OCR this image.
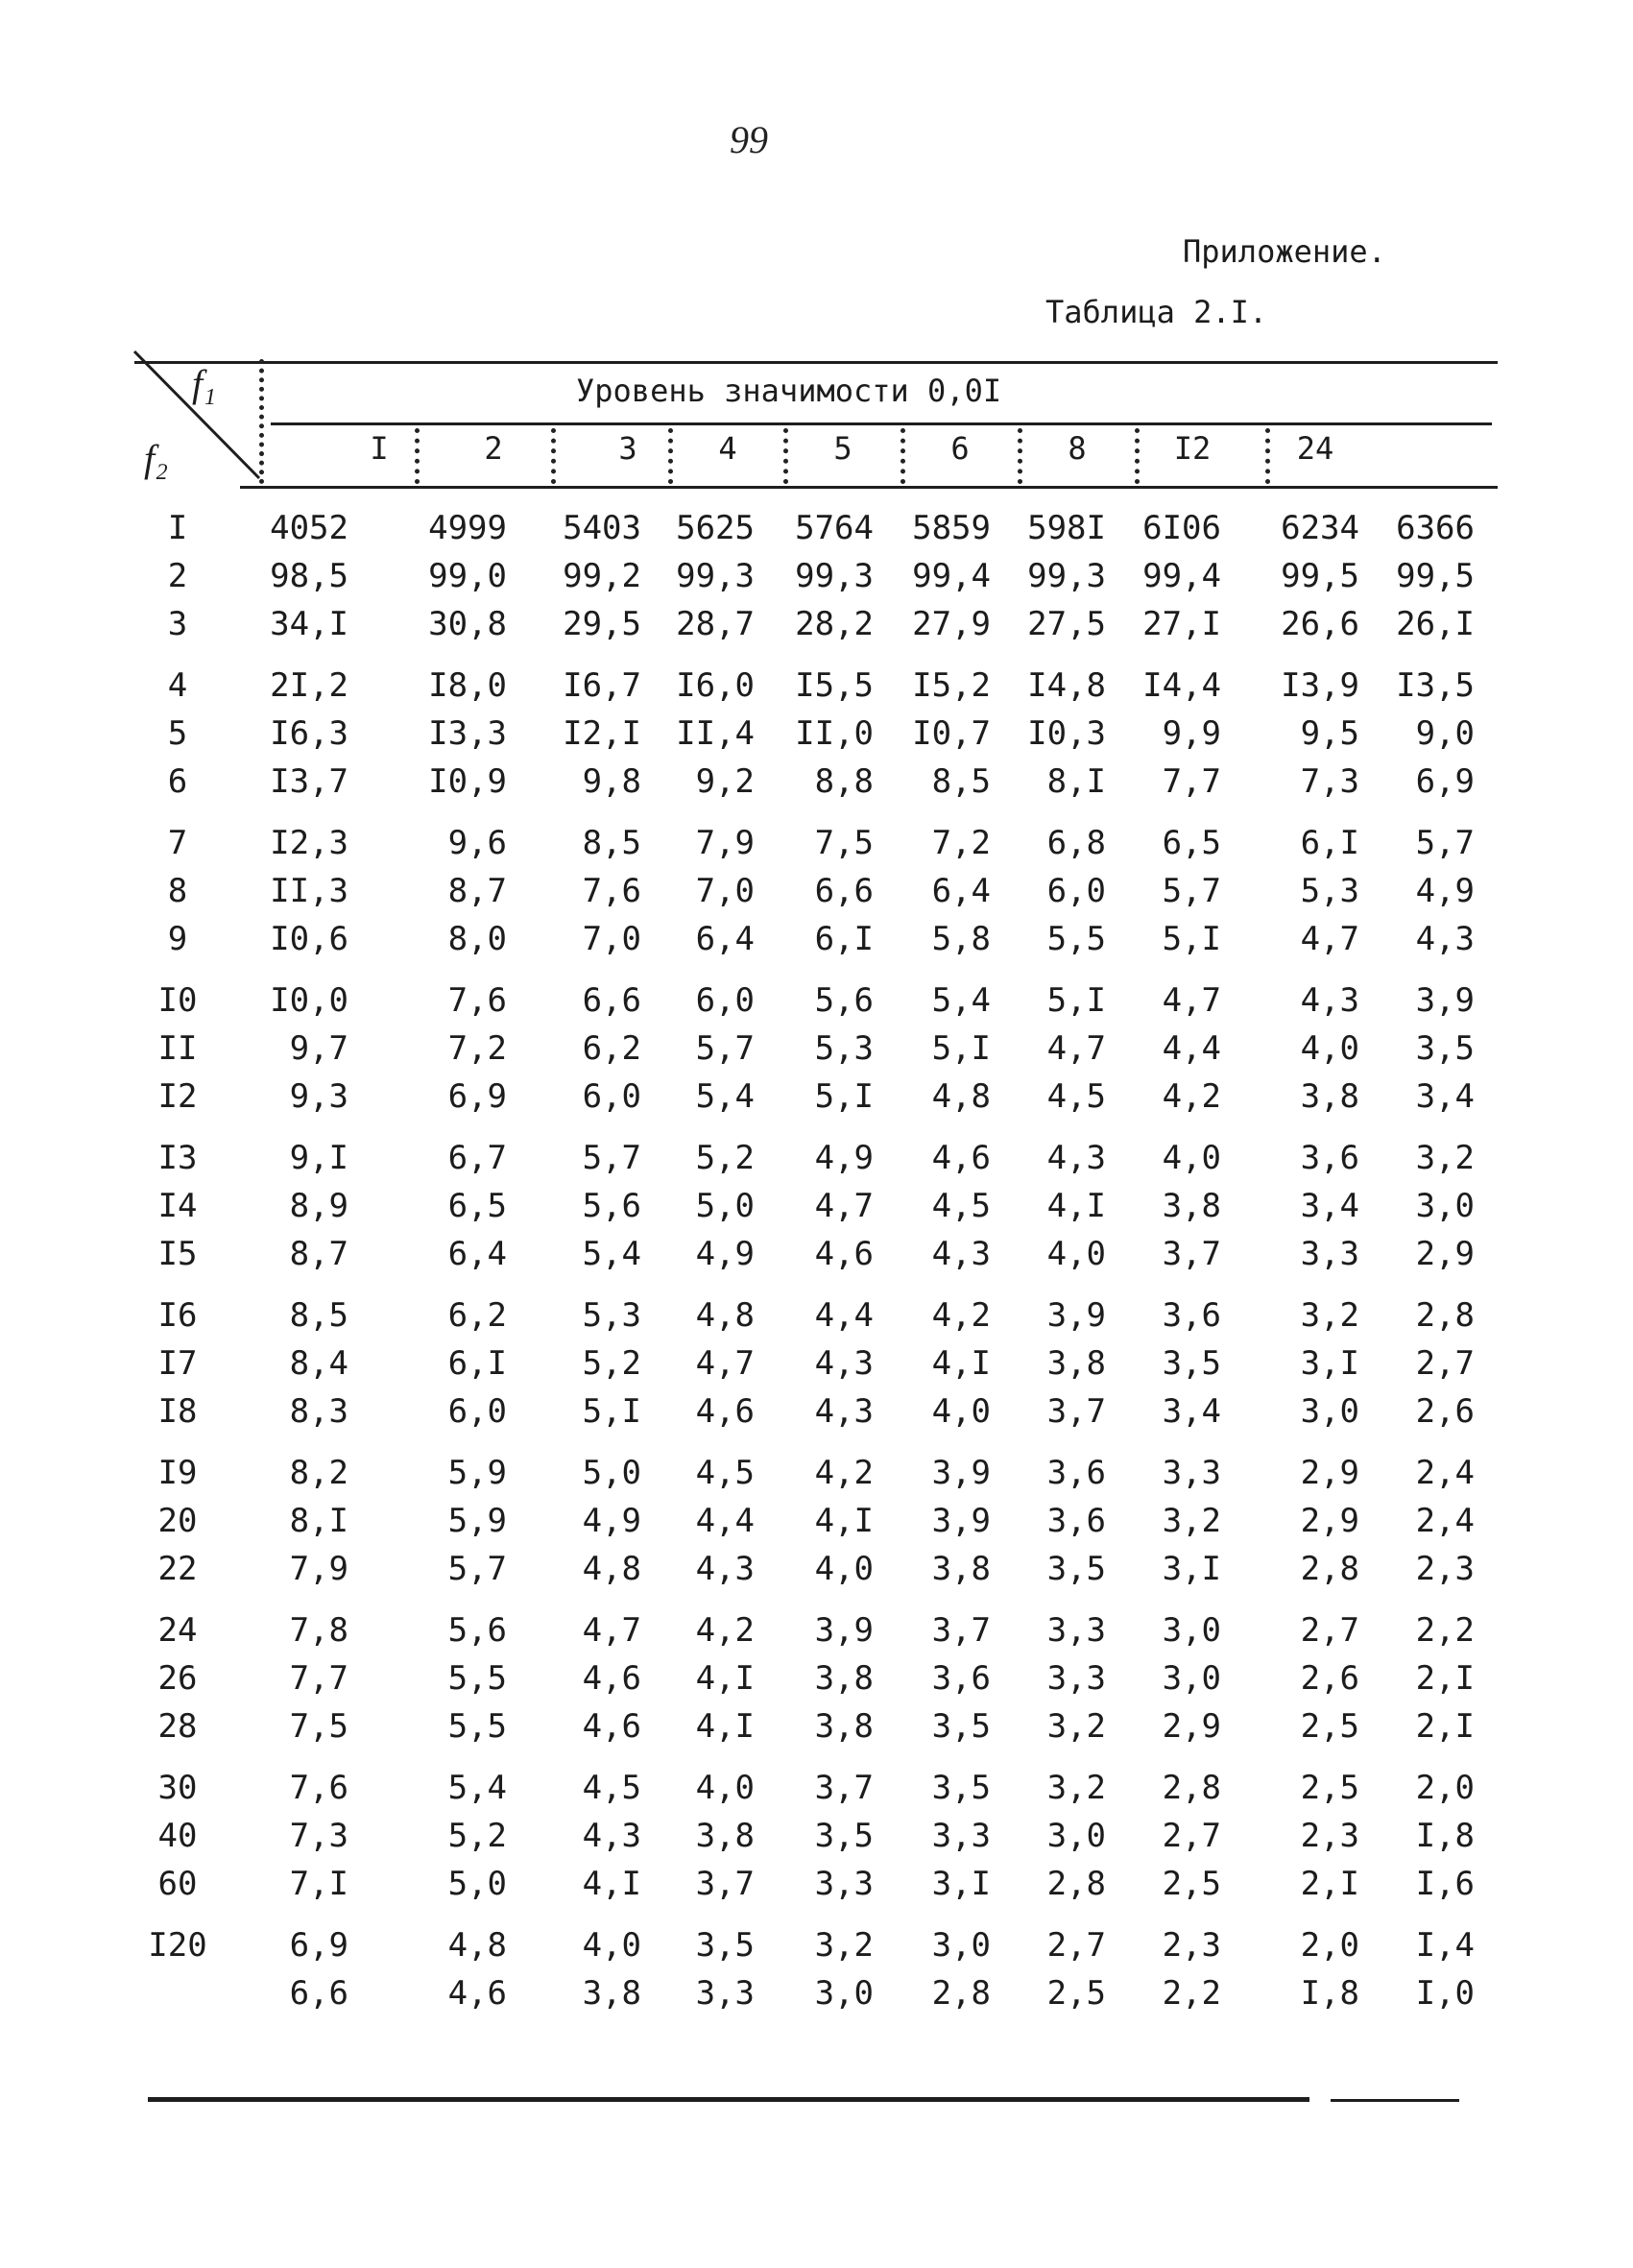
99
Приложение.
Таблица 2.I.
f₁
f₂
Уровень значимости 0,0I
I	2	3	4	5	6	8	I2	24
I	4052	4999	5403	5625	5764	5859	598I	6I06	6234	6366
2	98,5	99,0	99,2	99,3	99,3	99,4	99,3	99,4	99,5	99,5
3	34,I	30,8	29,5	28,7	28,2	27,9	27,5	27,I	26,6	26,I
4	2I,2	I8,0	I6,7	I6,0	I5,5	I5,2	I4,8	I4,4	I3,9	I3,5
5	I6,3	I3,3	I2,I	II,4	II,0	I0,7	I0,3	9,9	9,5	9,0
6	I3,7	I0,9	9,8	9,2	8,8	8,5	8,I	7,7	7,3	6,9
7	I2,3	9,6	8,5	7,9	7,5	7,2	6,8	6,5	6,I	5,7
8	II,3	8,7	7,6	7,0	6,6	6,4	6,0	5,7	5,3	4,9
9	I0,6	8,0	7,0	6,4	6,I	5,8	5,5	5,I	4,7	4,3
I0	I0,0	7,6	6,6	6,0	5,6	5,4	5,I	4,7	4,3	3,9
II	9,7	7,2	6,2	5,7	5,3	5,I	4,7	4,4	4,0	3,5
I2	9,3	6,9	6,0	5,4	5,I	4,8	4,5	4,2	3,8	3,4
I3	9,I	6,7	5,7	5,2	4,9	4,6	4,3	4,0	3,6	3,2
I4	8,9	6,5	5,6	5,0	4,7	4,5	4,I	3,8	3,4	3,0
I5	8,7	6,4	5,4	4,9	4,6	4,3	4,0	3,7	3,3	2,9
I6	8,5	6,2	5,3	4,8	4,4	4,2	3,9	3,6	3,2	2,8
I7	8,4	6,I	5,2	4,7	4,3	4,I	3,8	3,5	3,I	2,7
I8	8,3	6,0	5,I	4,6	4,3	4,0	3,7	3,4	3,0	2,6
I9	8,2	5,9	5,0	4,5	4,2	3,9	3,6	3,3	2,9	2,4
20	8,I	5,9	4,9	4,4	4,I	3,9	3,6	3,2	2,9	2,4
22	7,9	5,7	4,8	4,3	4,0	3,8	3,5	3,I	2,8	2,3
24	7,8	5,6	4,7	4,2	3,9	3,7	3,3	3,0	2,7	2,2
26	7,7	5,5	4,6	4,I	3,8	3,6	3,3	3,0	2,6	2,I
28	7,5	5,5	4,6	4,I	3,8	3,5	3,2	2,9	2,5	2,I
30	7,6	5,4	4,5	4,0	3,7	3,5	3,2	2,8	2,5	2,0
40	7,3	5,2	4,3	3,8	3,5	3,3	3,0	2,7	2,3	I,8
60	7,I	5,0	4,I	3,7	3,3	3,I	2,8	2,5	2,I	I,6
I20	6,9	4,8	4,0	3,5	3,2	3,0	2,7	2,3	2,0	I,4
6,6	4,6	3,8	3,3	3,0	2,8	2,5	2,2	I,8	I,0
